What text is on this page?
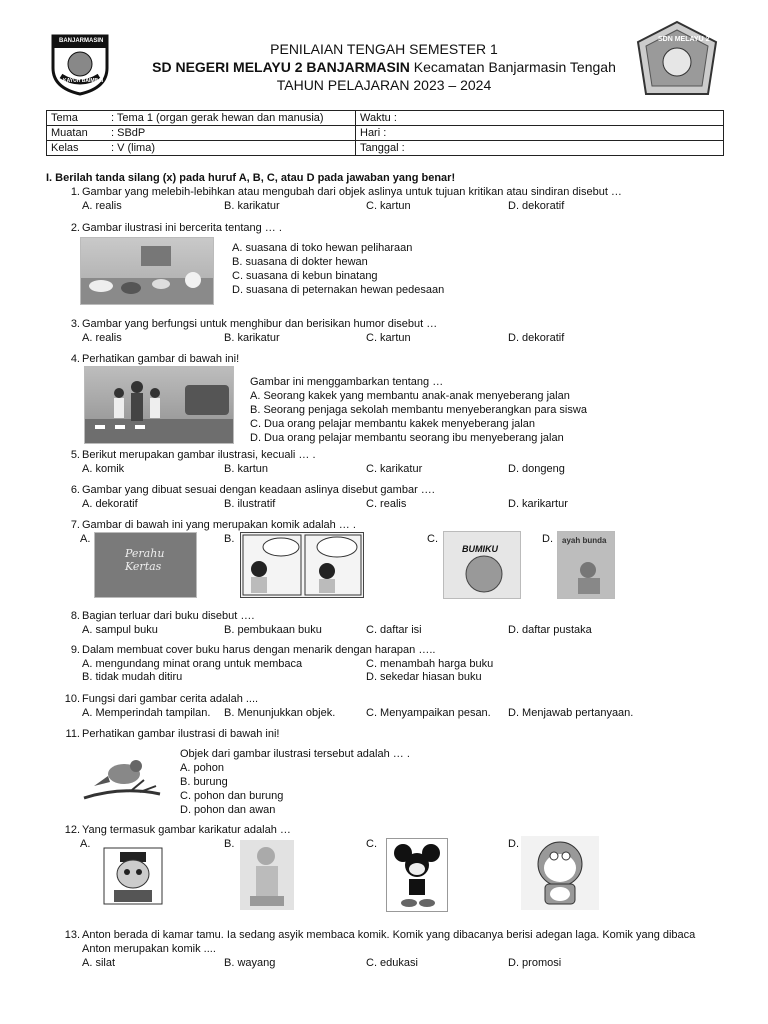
BANJARMASIN
KAYUH BAIMBAI
SDN MELAYU 2
PENILAIAN TENGAH SEMESTER 1
SD NEGERI MELAYU 2 BANJARMASIN Kecamatan Banjarmasin Tengah
TAHUN PELAJARAN 2023 – 2024
Tema : Tema 1 (organ gerak hewan dan manusia)	Waktu :
Muatan : SBdP	Hari :
Kelas : V (lima)	Tanggal :
I. Berilah tanda silang (x) pada huruf A, B, C, atau D pada jawaban yang benar!
1. Gambar yang melebih-lebihkan atau mengubah dari objek aslinya untuk tujuan kritikan atau sindiran disebut …
A. realis	B. karikatur	C. kartun	D. dekoratif
2. Gambar ilustrasi ini bercerita tentang … .
A. suasana di toko hewan peliharaan
B. suasana di dokter hewan
C. suasana di kebun binatang
D. suasana di peternakan hewan pedesaan
3. Gambar yang berfungsi untuk menghibur dan berisikan humor disebut …
A. realis	B. karikatur	C. kartun	D. dekoratif
4. Perhatikan gambar di bawah ini!
Gambar ini menggambarkan tentang …
A. Seorang kakek yang membantu anak-anak menyeberang jalan
B. Seorang penjaga sekolah membantu menyeberangkan para siswa
C. Dua orang pelajar membantu kakek menyeberang jalan
D. Dua orang pelajar membantu seorang ibu menyeberang jalan
5. Berikut merupakan gambar ilustrasi, kecuali … .
A. komik	B. kartun	C. karikatur	D. dongeng
6. Gambar yang dibuat sesuai dengan keadaan aslinya disebut gambar ….
A. dekoratif	B. ilustratif	C. realis	D. karikartur
7. Gambar di bawah ini yang merupakan komik adalah … .
A.
Perahu Kertas
B.	C.
BUMIKU
D. ayah bunda
8. Bagian terluar dari buku disebut ….
A. sampul buku	B. pembukaan buku	C. daftar isi	D. daftar pustaka
9. Dalam membuat cover buku harus dengan menarik dengan harapan …..
A. mengundang minat orang untuk membaca	C. menambah harga buku
B. tidak mudah ditiru	D. sekedar hiasan buku
10. Fungsi dari gambar cerita adalah ....
A. Memperindah tampilan. B. Menunjukkan objek.	C. Menyampaikan pesan. D. Menjawab pertanyaan.
11. Perhatikan gambar ilustrasi di bawah ini!
Objek dari gambar ilustrasi tersebut adalah … .
A. pohon
B. burung
C. pohon dan burung
D. pohon dan awan
12. Yang termasuk gambar karikatur adalah …
A.	B.	C.	D.
13. Anton berada di kamar tamu. Ia sedang asyik membaca komik. Komik yang dibacanya berisi adegan laga. Komik yang dibaca
Anton merupakan komik ....
A. silat	B. wayang	C. edukasi	D. promosi
